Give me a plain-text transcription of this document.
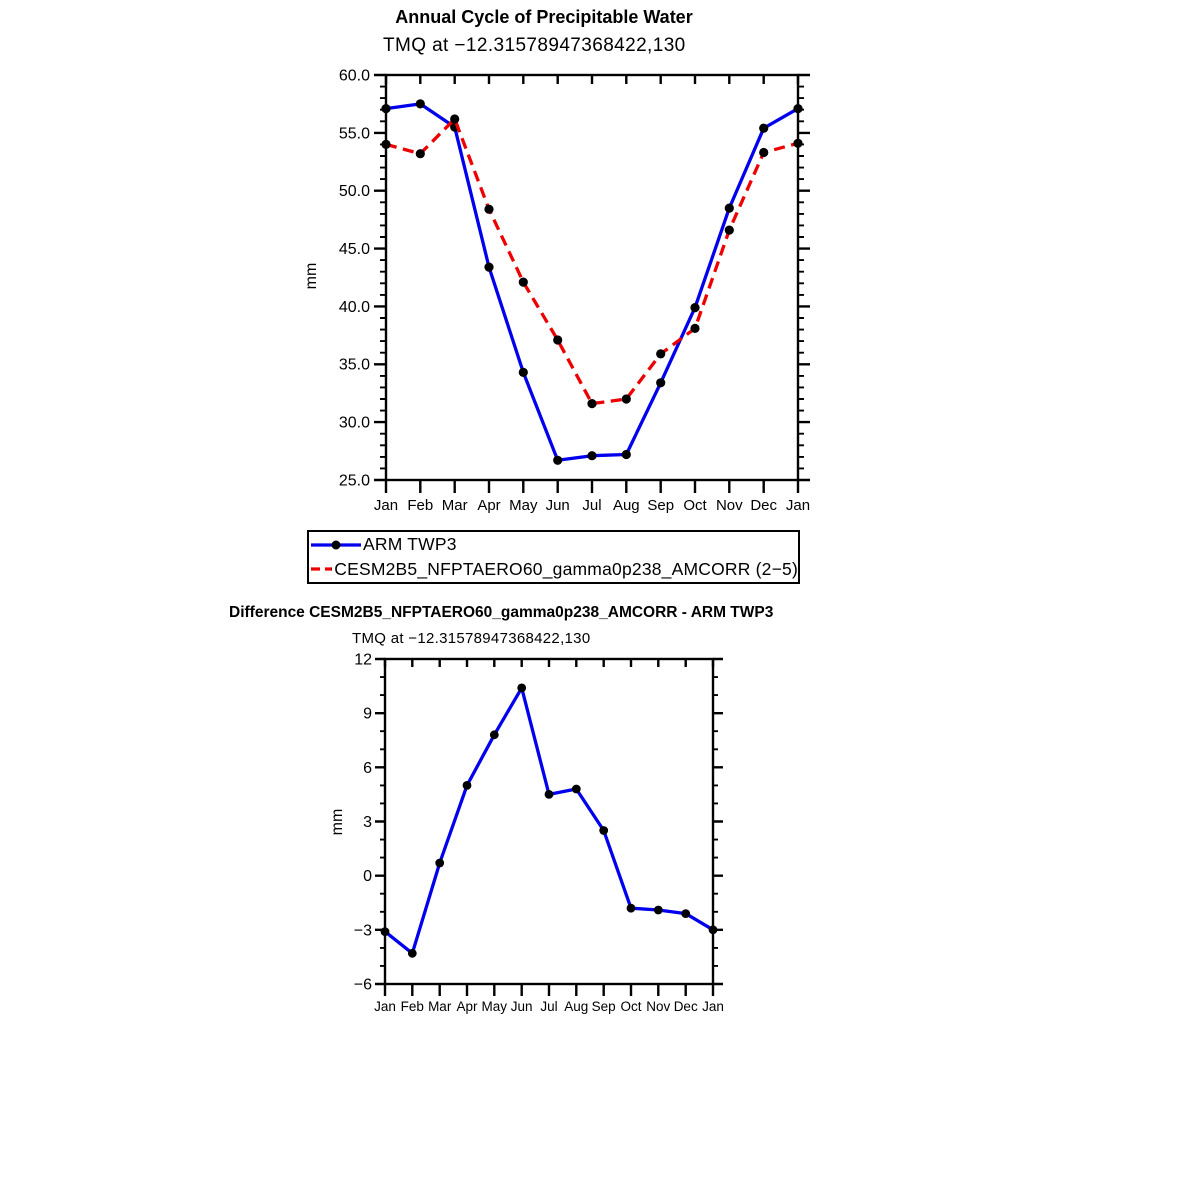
Annual Cycle of Precipitable Water
TMQ at −12.31578947368422,130
mm
Jan Feb Mar Apr May Jun Jul Aug Sep Oct Nov Dec Jan
60.0
55.0
50.0
45.0
40.0
35.0
30.0
25.0
ARM TWP3
CESM2B5_NFPTAERO60_gamma0p238_AMCORR (2−5)
Difference CESM2B5_NFPTAERO60_gamma0p238_AMCORR - ARM TWP3
TMQ at −12.31578947368422,130
mm
Jan Feb Mar Apr May Jun Jul Aug Sep Oct Nov Dec Jan
12
9
6
3
0
−3
−6
